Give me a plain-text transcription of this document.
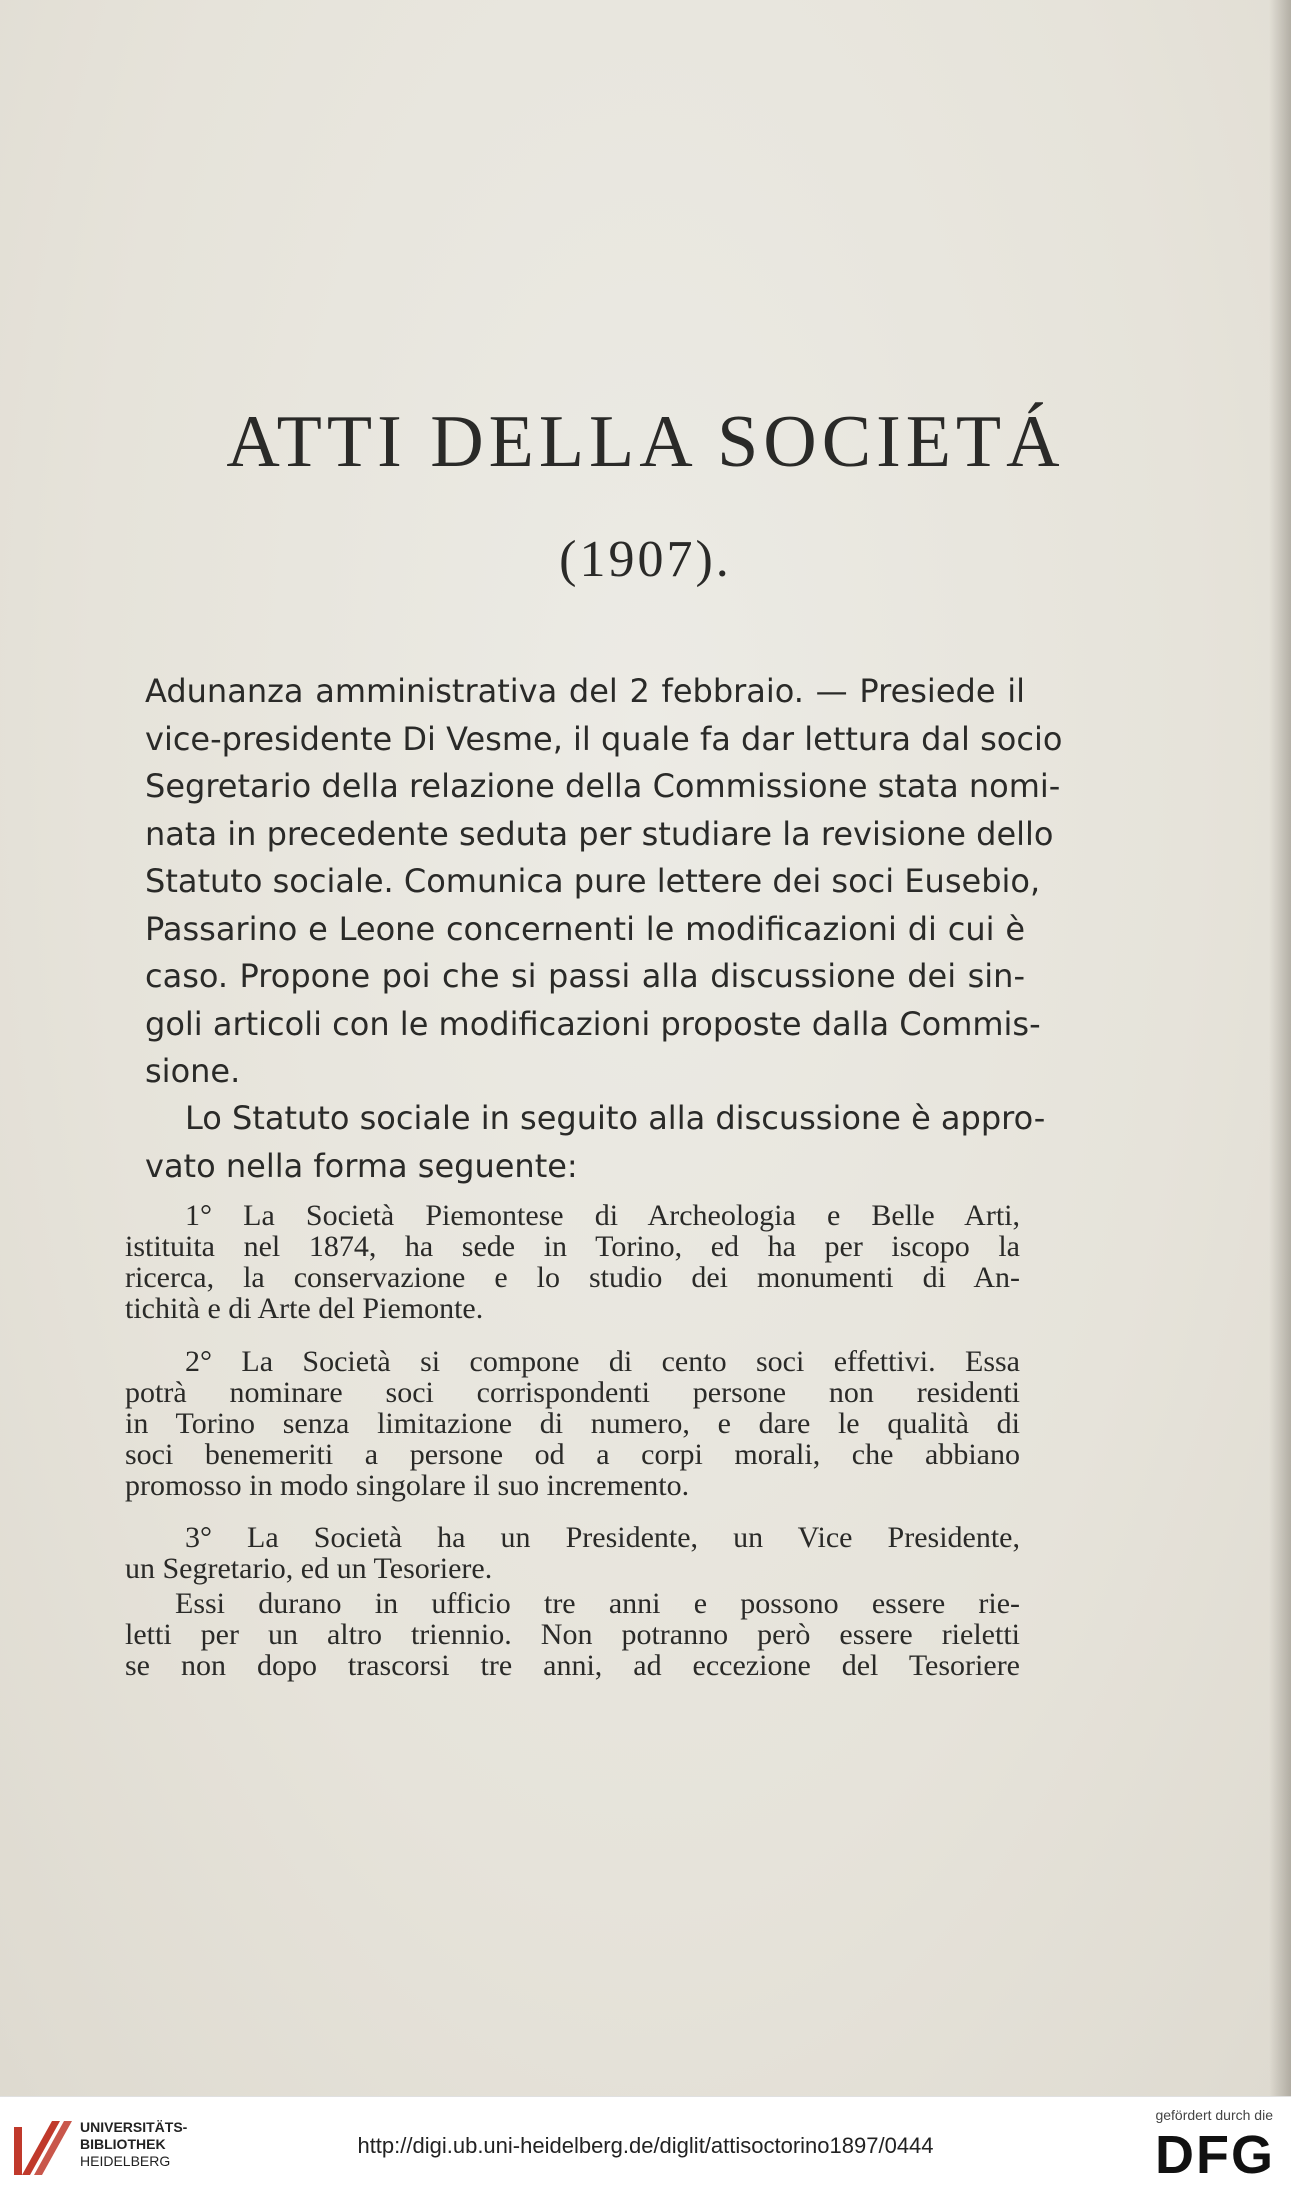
ATTI DELLA SOCIETÁ
(1907).
Adunanza amministrativa del 2 febbraio. — Presiede il
vice-presidente Di Vesme, il quale fa dar lettura dal socio
Segretario della relazione della Commissione stata nomi-
nata in precedente seduta per studiare la revisione dello
Statuto sociale. Comunica pure lettere dei soci Eusebio,
Passarino e Leone concernenti le modificazioni di cui è
caso. Propone poi che si passi alla discussione dei sin-
goli articoli con le modificazioni proposte dalla Commis-
sione.
Lo Statuto sociale in seguito alla discussione è appro-
vato nella forma seguente:
1° La Società Piemontese di Archeologia e Belle Arti,
istituita nel 1874, ha sede in Torino, ed ha per iscopo la
ricerca, la conservazione e lo studio dei monumenti di An-
tichità e di Arte del Piemonte.
2° La Società si compone di cento soci effettivi. Essa
potrà nominare soci corrispondenti persone non residenti
in Torino senza limitazione di numero, e dare le qualità di
soci benemeriti a persone od a corpi morali, che abbiano
promosso in modo singolare il suo incremento.
3° La Società ha un Presidente, un Vice Presidente,
un Segretario, ed un Tesoriere.
Essi durano in ufficio tre anni e possono essere rie-
letti per un altro triennio. Non potranno però essere rieletti
se non dopo trascorsi tre anni, ad eccezione del Tesoriere
UNIVERSITÄTS-
BIBLIOTHEK
HEIDELBERG
http://digi.ub.uni-heidelberg.de/diglit/attisoctorino1897/0444
gefördert durch die
DFG
